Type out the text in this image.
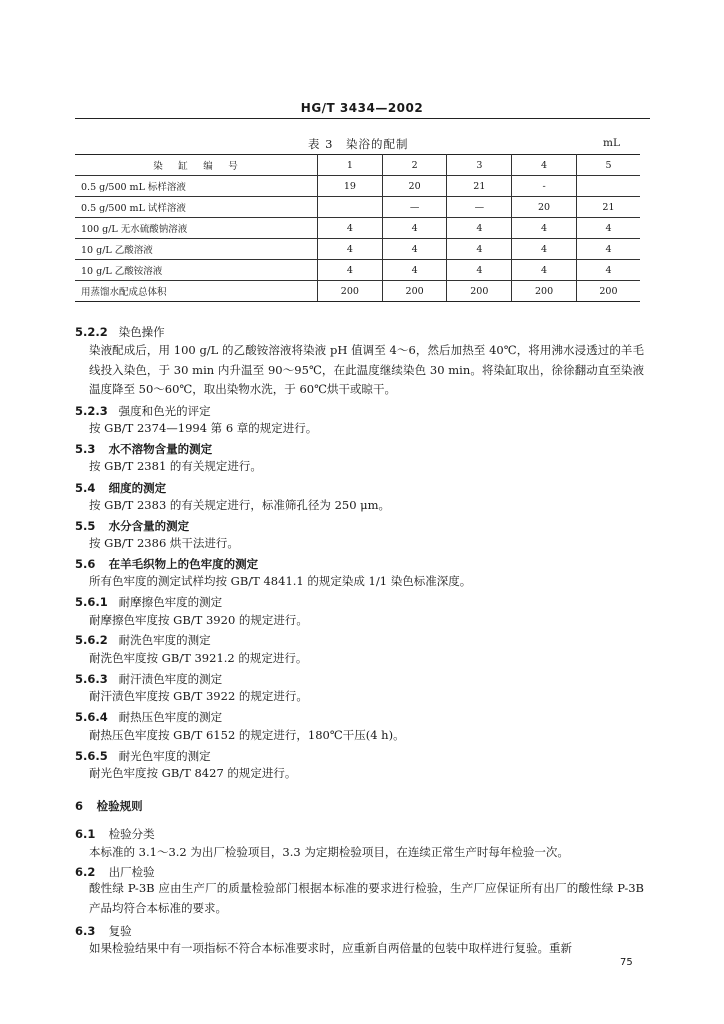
HG/T 3434—2002
表 3　染浴的配制	mL
染　缸　编　号	1	2	3	4	5
0.5 g/500 mL 标样溶液	19	20	21	-	
0.5 g/500 mL 试样溶液		—	—	20	21
100 g/L 无水硫酸钠溶液	4	4	4	4	4
10 g/L 乙酸溶液	4	4	4	4	4
10 g/L 乙酸铵溶液	4	4	4	4	4
用蒸馏水配成总体积	200	200	200	200	200
5.2.2 染色操作
染液配成后，用 100 g/L 的乙酸铵溶液将染液 pH 值调至 4～6，然后加热至 40℃，将用沸水浸透过的羊毛线投入染色，于 30 min 内升温至 90～95℃，在此温度继续染色 30 min。将染缸取出，徐徐翻动直至染液温度降至 50～60℃，取出染物水洗，于 60℃烘干或晾干。
5.2.3 强度和色光的评定
按 GB/T 2374—1994 第 6 章的规定进行。
5.3 水不溶物含量的测定
按 GB/T 2381 的有关规定进行。
5.4 细度的测定
按 GB/T 2383 的有关规定进行，标准筛孔径为 250 μm。
5.5 水分含量的测定
按 GB/T 2386 烘干法进行。
5.6 在羊毛织物上的色牢度的测定
所有色牢度的测定试样均按 GB/T 4841.1 的规定染成 1/1 染色标准深度。
5.6.1 耐摩擦色牢度的测定
耐摩擦色牢度按 GB/T 3920 的规定进行。
5.6.2 耐洗色牢度的测定
耐洗色牢度按 GB/T 3921.2 的规定进行。
5.6.3 耐汗渍色牢度的测定
耐汗渍色牢度按 GB/T 3922 的规定进行。
5.6.4 耐热压色牢度的测定
耐热压色牢度按 GB/T 6152 的规定进行，180℃干压(4 h)。
5.6.5 耐光色牢度的测定
耐光色牢度按 GB/T 8427 的规定进行。
6 检验规则
6.1 检验分类
本标准的 3.1～3.2 为出厂检验项目，3.3 为定期检验项目，在连续正常生产时每年检验一次。
6.2 出厂检验
酸性绿 P-3B 应由生产厂的质量检验部门根据本标准的要求进行检验，生产厂应保证所有出厂的酸性绿 P-3B 产品均符合本标准的要求。
6.3 复验
如果检验结果中有一项指标不符合本标准要求时，应重新自两倍量的包装中取样进行复验。重新
75
